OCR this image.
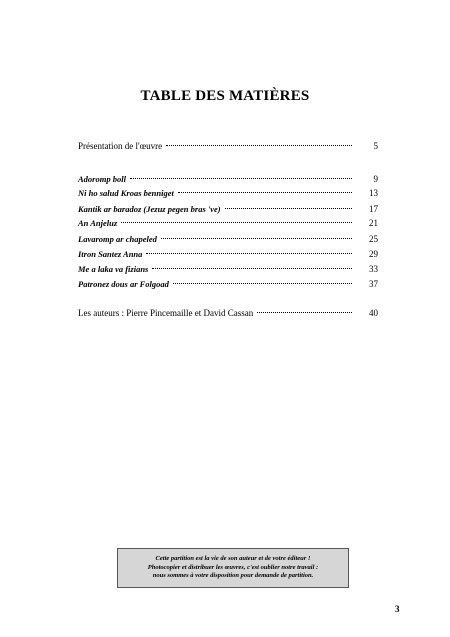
TABLE DES MATIÈRES
Présentation de l'œuvre	5
Adoromp boll	9
Ni ho salud Kroas benniget	13
Kantik ar baradoz (Jezuz pegen bras 've)	17
An Anjeluz	21
Lavaromp ar chapeled	25
Itron Santez Anna	29
Me a laka va fizians	33
Patronez dous ar Folgoad	37
Les auteurs : Pierre Pincemaille et David Cassan	40
Cette partition est la vie de son auteur et de votre éditeur !
Photocopier et distribuer les œuvres, c'est oublier notre travail :
nous sommes à votre disposition pour demande de partition.
3
